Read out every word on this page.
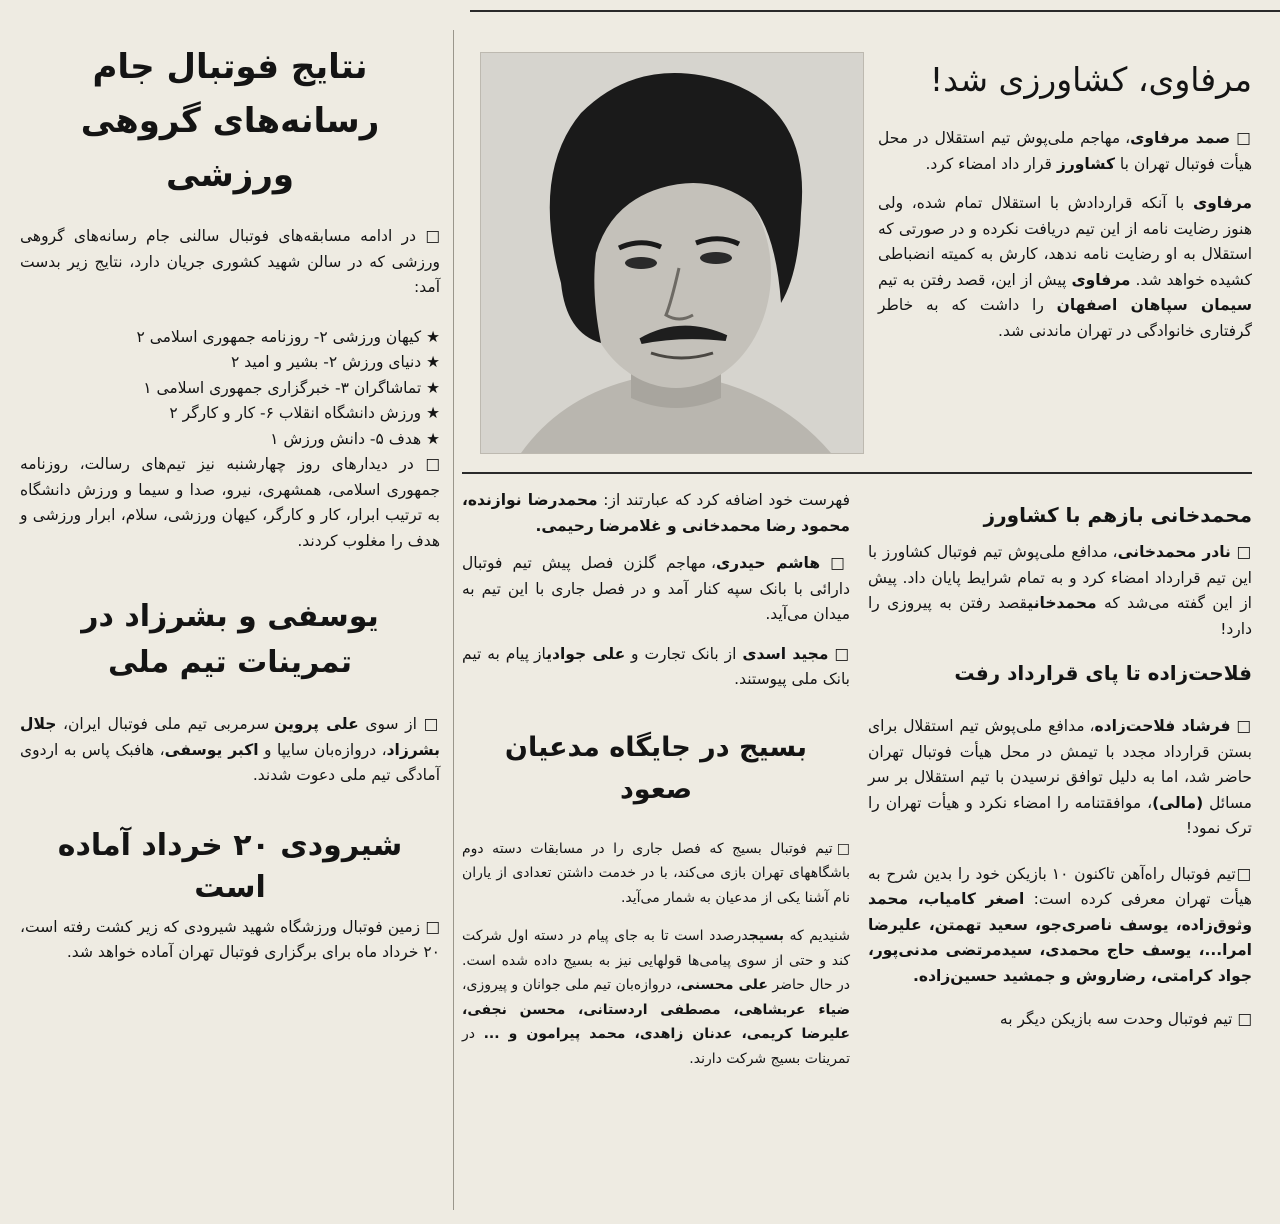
نتایج فوتبال جام رسانه‌های گروهی ورزشی

□ در ادامه مسابقه‌های فوتبال سالنی جام رسانه‌های گروهی ورزشی که در سالن شهید کشوری جریان دارد، نتایج زیر بدست آمد:

★ کیهان ورزشی ۲- روزنامه جمهوری اسلامی ۲
★ دنیای ورزش ۲- بشیر و امید ۲
★ تماشاگران ۳- خبرگزاری جمهوری اسلامی ۱
★ ورزش دانشگاه انقلاب ۶- کار و کارگر ۲
★ هدف ۵- دانش ورزش ۱

□ در دیدارهای روز چهارشنبه نیز تیم‌های رسالت، روزنامه جمهوری اسلامی، همشهری، نیرو، صدا و سیما و ورزش دانشگاه به ترتیب ابرار، کار و کارگر، کیهان ورزشی، سلام، ابرار ورزشی و هدف را مغلوب کردند.

یوسفی و بشرزاد در تمرینات تیم ملی

□ از سوی علی پروین سرمربی تیم ملی فوتبال ایران، جلال بشرزاد، دروازه‌بان سایپا و اکبر یوسفی، هافبک پاس به اردوی آمادگی تیم ملی دعوت شدند.

شیرودی ۲۰ خرداد آماده است

□ زمین فوتبال ورزشگاه شهید شیرودی که زیر کشت رفته است، ۲۰ خرداد ماه برای برگزاری فوتبال تهران آماده خواهد شد.

فهرست خود اضافه کرد که عبارتند از: محمدرضا نوازنده، محمود رضا محمدخانی و غلامرضا رحیمی.

□ هاشم حیدری، مهاجم گلزن فصل پیش تیم فوتبال دارائی با بانک سپه کنار آمد و در فصل جاری با این تیم به میدان می‌آید.

□ مجید اسدی از بانک تجارت و علی جوادیاز پیام به تیم بانک ملی پیوستند.

بسیج در جایگاه مدعیان صعود

□تیم فوتبال بسیج که فصل جاری را در مسابقات دسته دوم باشگاههای تهران بازی می‌کند، با در خدمت داشتن تعدادی از یاران نام آشنا یکی از مدعیان به شمار می‌آید.

شنیدیم که بسیجدرصدد است تا به جای پیام در دسته اول شرکت کند و حتی از سوی پیامی‌ها قولهایی نیز به بسیج داده شده است. در حال حاضر علی محسنی، دروازه‌بان تیم ملی جوانان و پیروزی، ضیاء عربشاهی، مصطفی اردستانی، محسن نجفی، علیرضا کریمی، عدنان زاهدی، محمد پیرامون و ... در تمرینات بسیج شرکت دارند.

مرفاوی، کشاورزی شد!

□ صمد مرفاوی، مهاجم ملی‌پوش تیم استقلال در محل هیأت فوتبال تهران با کشاورز قرار داد امضاء کرد.

مرفاوی با آنکه قراردادش با استقلال تمام شده، ولی هنوز رضایت نامه از این تیم دریافت نکرده و در صورتی که استقلال به او رضایت نامه ندهد، کارش به کمیته انضباطی کشیده خواهد شد. مرفاوی پیش از این، قصد رفتن به تیم سیمان سپاهان اصفهان را داشت که به خاطر گرفتاری خانوادگی در تهران ماندنی شد.

محمدخانی بازهم با کشاورز

□ نادر محمدخانی، مدافع ملی‌پوش تیم فوتبال کشاورز با این تیم قرارداد امضاء کرد و به تمام شرایط پایان داد. پیش از این گفته می‌شد که محمدخانیقصد رفتن به پیروزی را دارد!

فلاحت‌زاده تا پای قرارداد رفت

□ فرشاد فلاحت‌زاده، مدافع ملی‌پوش تیم استقلال برای بستن قرارداد مجدد با تیمش در محل هیأت فوتبال تهران حاضر شد، اما به دلیل توافق نرسیدن با تیم استقلال بر سر مسائل (مالی)، موافقتنامه را امضاء نکرد و هیأت تهران را ترک نمود!

□تیم فوتبال راه‌آهن تاکنون ۱۰ بازیکن خود را بدین شرح به هیأت تهران معرفی کرده است: اصغر کامیاب، محمد وثوق‌زاده، یوسف ناصری‌جو، سعید تهمتن، علیرضا امرا...، یوسف حاج محمدی، سیدمرتضی مدنی‌پور، جواد کرامتی، رضاروش و جمشید حسین‌زاده.

□ تیم فوتبال وحدت سه بازیکن دیگر به
